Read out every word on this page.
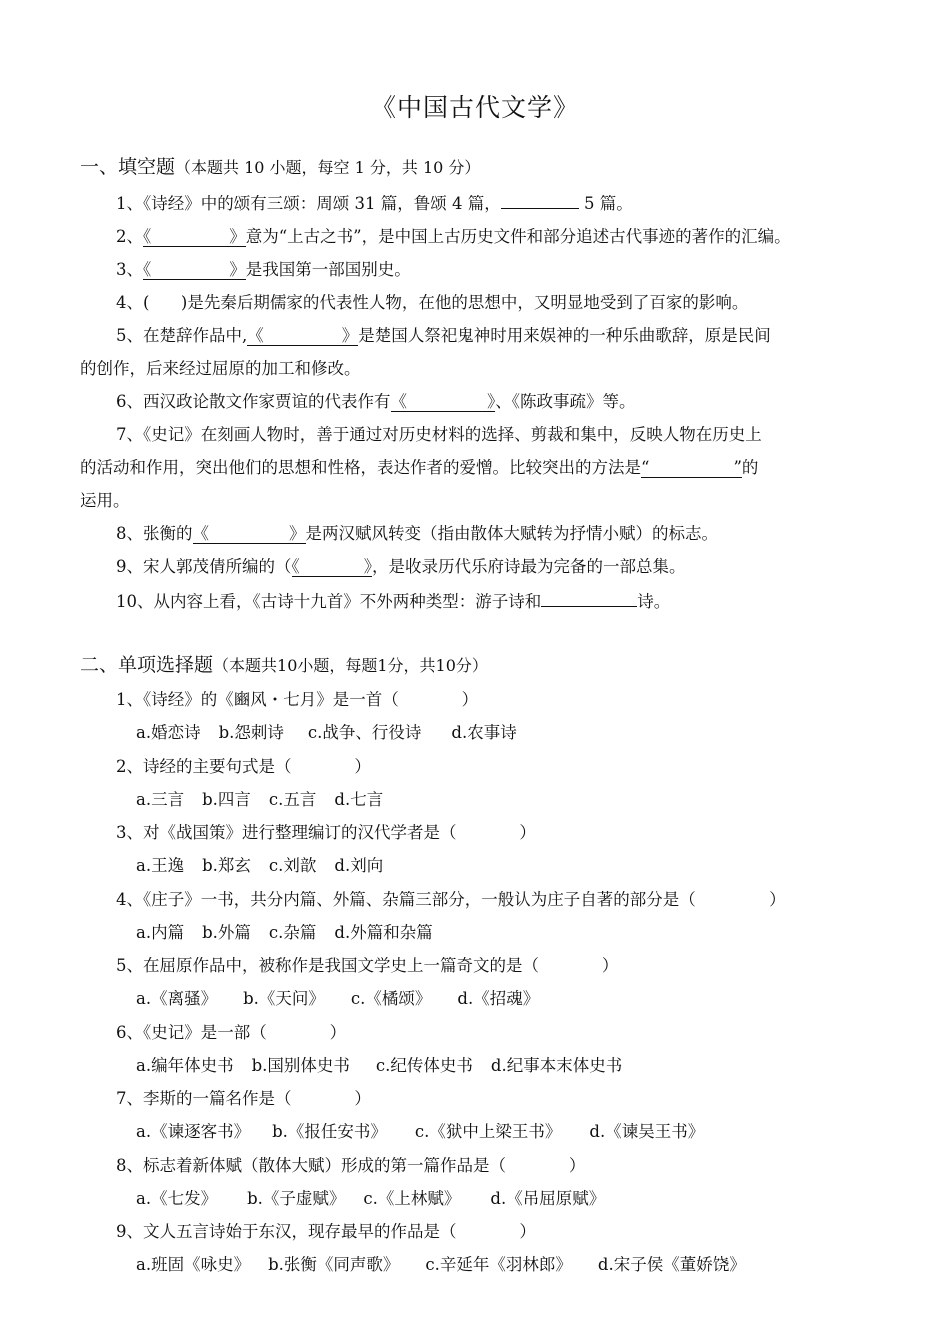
《中国古代文学》
一、填空题（本题共 10 小题，每空 1 分，共 10 分）
1、《诗经》中的颂有三颂：周颂 31 篇，鲁颂 4 篇，	5 篇。
2、《	》意为“上古之书”，是中国上古历史文件和部分追述古代事迹的著作的汇编。
3、《	》是我国第一部国别史。
4、(      )是先秦后期儒家的代表性人物，在他的思想中，又明显地受到了百家的影响。
5、在楚辞作品中,《	》是楚国人祭祀鬼神时用来娱神的一种乐曲歌辞，原是民间
的创作，后来经过屈原的加工和修改。
6、西汉政论散文作家贾谊的代表作有《	》、《陈政事疏》等。
7、《史记》在刻画人物时，善于通过对历史材料的选择、剪裁和集中，反映人物在历史上
的活动和作用，突出他们的思想和性格，表达作者的爱憎。比较突出的方法是“	”的
运用。
8、张衡的《	》是两汉赋风转变（指由散体大赋转为抒情小赋）的标志。
9、宋人郭茂倩所编的（《	》，是收录历代乐府诗最为完备的一部总集。
10、从内容上看，《古诗十九首》不外两种类型：游子诗和	诗。
二、单项选择题（本题共10小题，每题1分，共10分）
1、《诗经》的《豳风・七月》是一首（            ）
a.婚恋诗 b.怨刺诗 c.战争、行役诗 d.农事诗
2、诗经的主要句式是（            ）
a.三言 b.四言 c.五言 d.七言
3、对《战国策》进行整理编订的汉代学者是（            ）
a.王逸 b.郑玄 c.刘歆 d.刘向
4、《庄子》一书，共分内篇、外篇、杂篇三部分，一般认为庄子自著的部分是（              ）
a.内篇 b.外篇 c.杂篇 d.外篇和杂篇
5、在屈原作品中，被称作是我国文学史上一篇奇文的是（            ）
a.《离骚》 b.《天问》 c.《橘颂》 d.《招魂》
6、《史记》是一部（            ）
a.编年体史书 b.国别体史书 c.纪传体史书 d.纪事本末体史书
7、李斯的一篇名作是（            ）
a.《谏逐客书》 b.《报任安书》 c.《狱中上梁王书》 d.《谏吴王书》
8、标志着新体赋（散体大赋）形成的第一篇作品是（            ）
a.《七发》 b.《子虚赋》 c.《上林赋》 d.《吊屈原赋》
9、文人五言诗始于东汉，现存最早的作品是（            ）
a.班固《咏史》 b.张衡《同声歌》 c.辛延年《羽林郎》 d.宋子侯《董娇饶》
